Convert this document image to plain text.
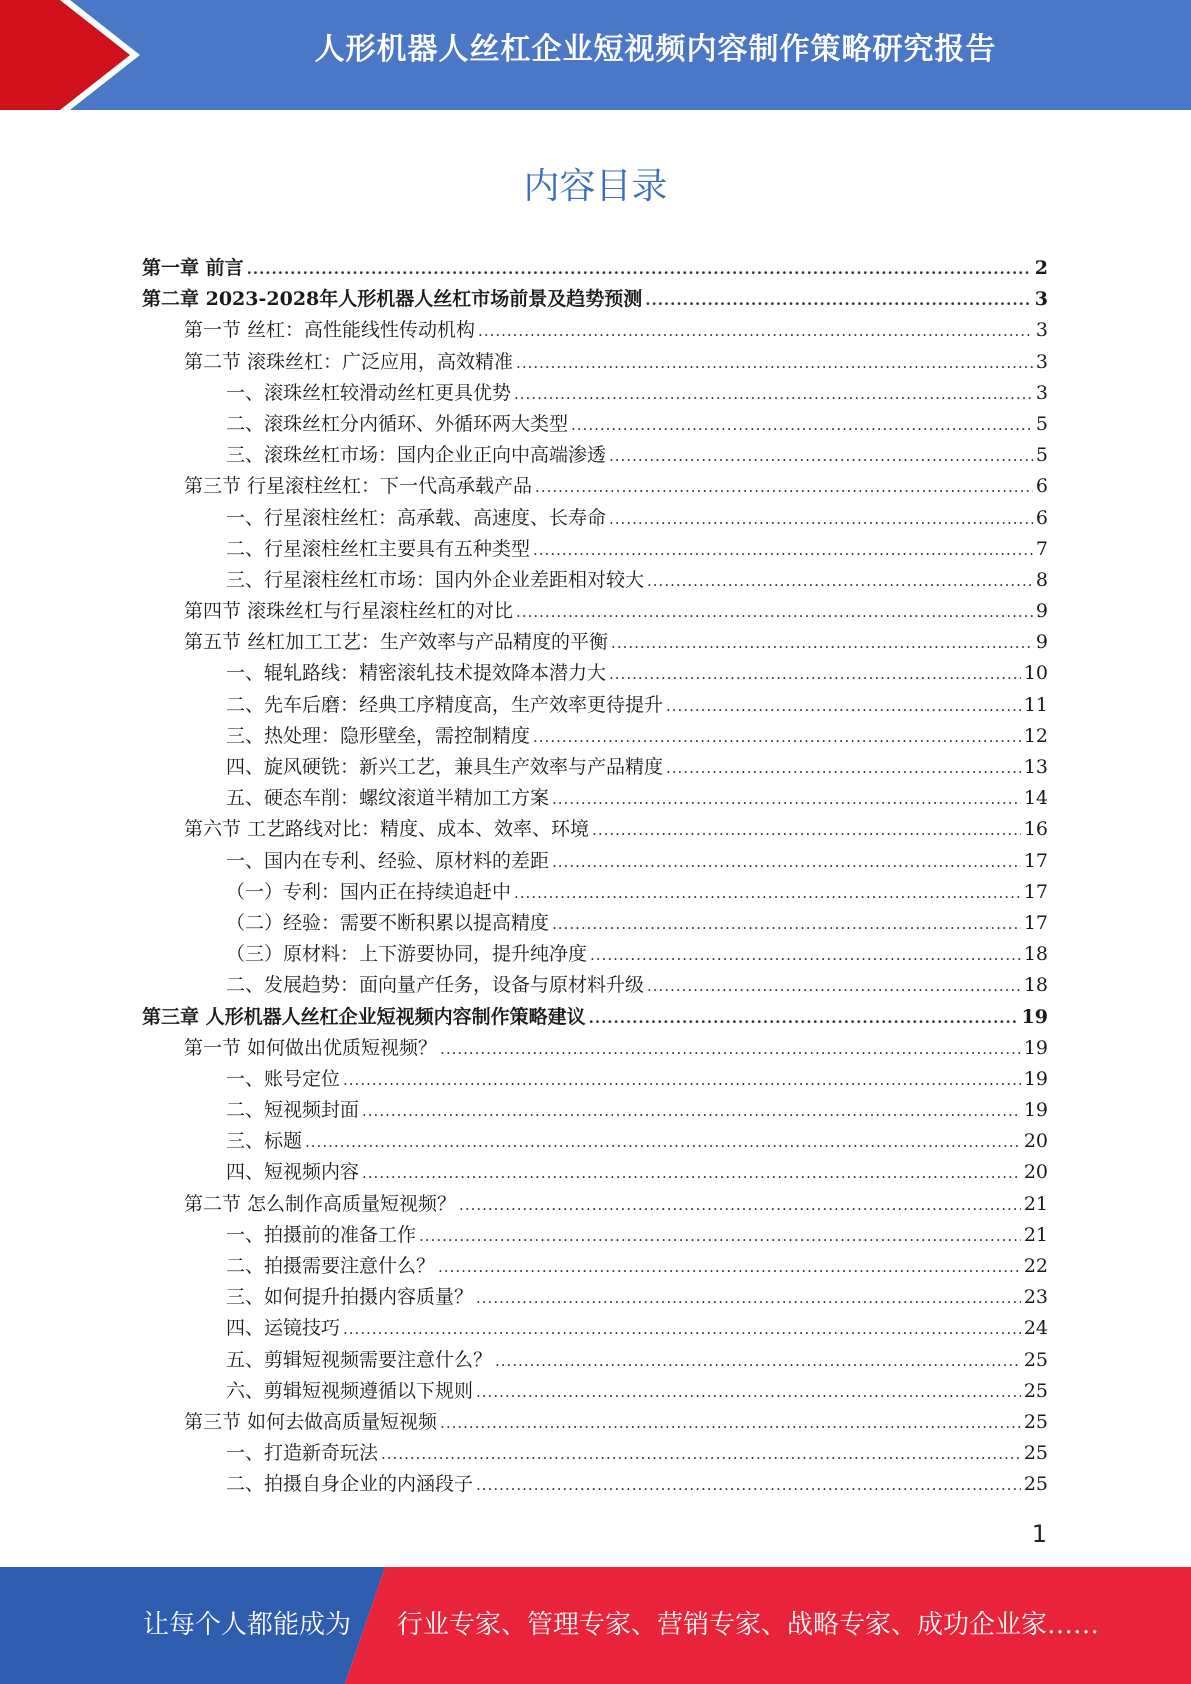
人形机器人丝杠企业短视频内容制作策略研究报告
内容目录
第一章 前言 .....	2
第二章 2023-2028年人形机器人丝杠市场前景及趋势预测 .....	3
第一节 丝杠：高性能线性传动机构 .....	3
第二节 滚珠丝杠：广泛应用，高效精准 .....	3
一、滚珠丝杠较滑动丝杠更具优势 .....	3
二、滚珠丝杠分内循环、外循环两大类型 .....	5
三、滚珠丝杠市场：国内企业正向中高端渗透 .....	5
第三节 行星滚柱丝杠：下一代高承载产品 .....	6
一、行星滚柱丝杠：高承载、高速度、长寿命 .....	6
二、行星滚柱丝杠主要具有五种类型 .....	7
三、行星滚柱丝杠市场：国内外企业差距相对较大 .....	8
第四节 滚珠丝杠与行星滚柱丝杠的对比 .....	9
第五节 丝杠加工工艺：生产效率与产品精度的平衡 .....	9
一、辊轧路线：精密滚轧技术提效降本潜力大 .....	10
二、先车后磨：经典工序精度高，生产效率更待提升 .....	11
三、热处理：隐形壁垒，需控制精度 .....	12
四、旋风硬铣：新兴工艺，兼具生产效率与产品精度 .....	13
五、硬态车削：螺纹滚道半精加工方案 .....	14
第六节 工艺路线对比：精度、成本、效率、环境 .....	16
一、国内在专利、经验、原材料的差距 .....	17
（一）专利：国内正在持续追赶中 .....	17
（二）经验：需要不断积累以提高精度 .....	17
（三）原材料：上下游要协同，提升纯净度 .....	18
二、发展趋势：面向量产任务，设备与原材料升级 .....	18
第三章 人形机器人丝杠企业短视频内容制作策略建议 .....	19
第一节 如何做出优质短视频？ .....	19
一、账号定位 .....	19
二、短视频封面 .....	19
三、标题 .....	20
四、短视频内容 .....	20
第二节 怎么制作高质量短视频？ .....	21
一、拍摄前的准备工作 .....	21
二、拍摄需要注意什么？ .....	22
三、如何提升拍摄内容质量？ .....	23
四、运镜技巧 .....	24
五、剪辑短视频需要注意什么？ .....	25
六、剪辑短视频遵循以下规则 .....	25
第三节 如何去做高质量短视频 .....	25
一、打造新奇玩法 .....	25
二、拍摄自身企业的内涵段子 .....	25
1
让每个人都能成为 行业专家、管理专家、营销专家、战略专家、成功企业家……
